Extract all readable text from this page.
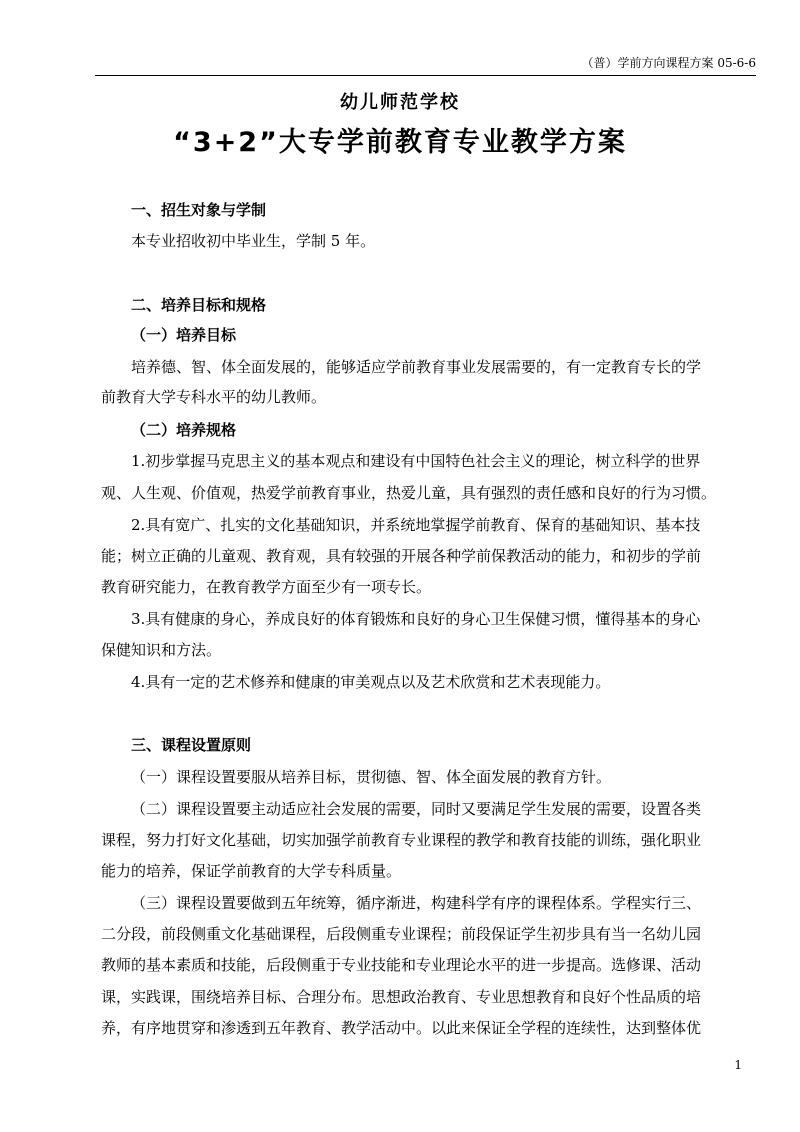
（普）学前方向课程方案 05-6-6
幼儿师范学校
“3+2”大专学前教育专业教学方案
一、招生对象与学制
本专业招收初中毕业生，学制 5 年。
二、培养目标和规格
（一）培养目标
培养德、智、体全面发展的，能够适应学前教育事业发展需要的，有一定教育专长的学
前教育大学专科水平的幼儿教师。
（二）培养规格
1.初步掌握马克思主义的基本观点和建设有中国特色社会主义的理论，树立科学的世界
观、人生观、价值观，热爱学前教育事业，热爱儿童，具有强烈的责任感和良好的行为习惯。
2.具有宽广、扎实的文化基础知识，并系统地掌握学前教育、保育的基础知识、基本技
能；树立正确的儿童观、教育观，具有较强的开展各种学前保教活动的能力，和初步的学前
教育研究能力，在教育教学方面至少有一项专长。
3.具有健康的身心，养成良好的体育锻炼和良好的身心卫生保健习惯，懂得基本的身心
保健知识和方法。
4.具有一定的艺术修养和健康的审美观点以及艺术欣赏和艺术表现能力。
三、课程设置原则
（一）课程设置要服从培养目标，贯彻德、智、体全面发展的教育方针。
（二）课程设置要主动适应社会发展的需要，同时又要满足学生发展的需要，设置各类
课程，努力打好文化基础，切实加强学前教育专业课程的教学和教育技能的训练，强化职业
能力的培养，保证学前教育的大学专科质量。
（三）课程设置要做到五年统筹，循序渐进，构建科学有序的课程体系。学程实行三、
二分段，前段侧重文化基础课程，后段侧重专业课程；前段保证学生初步具有当一名幼儿园
教师的基本素质和技能，后段侧重于专业技能和专业理论水平的进一步提高。选修课、活动
课，实践课，围绕培养目标、合理分布。思想政治教育、专业思想教育和良好个性品质的培
养，有序地贯穿和渗透到五年教育、教学活动中。以此来保证全学程的连续性，达到整体优
1
